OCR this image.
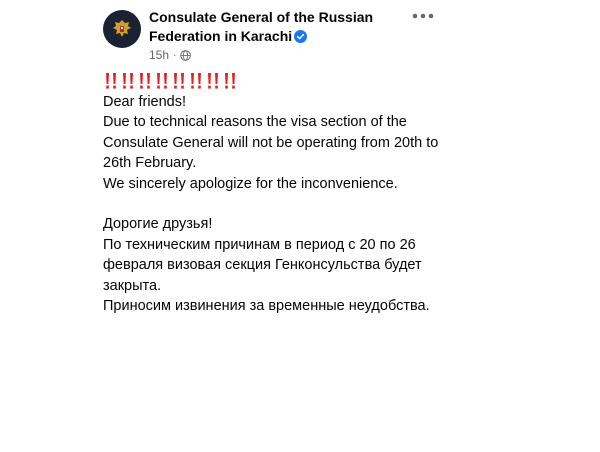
Consulate General of the Russian Federation in Karachi
15h ·

Dear friends!

Due to technical reasons the visa section of the Consulate General will not be operating from 20th to 26th February.

We sincerely apologize for the inconvenience.

Дорогие друзья!

По техническим причинам в период с 20 по 26 февраля визовая секция Генконсульства будет закрыта.

Приносим извинения за временные неудобства.
